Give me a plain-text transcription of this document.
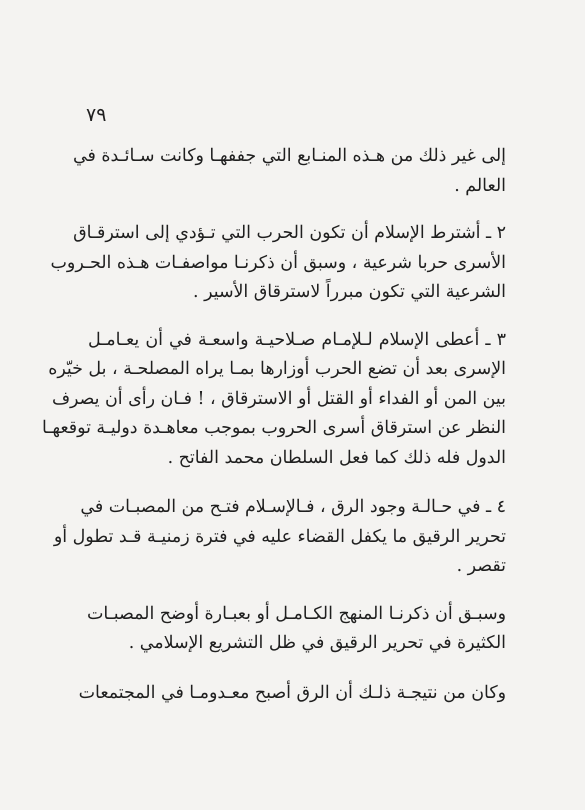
٧٩

إلى غير ذلك من هـذه المنـابع التي جففهـا وكانت سـائـدة في
العالم .

٢ ـ أشترط الإسلام أن تكون الحرب التي تـؤدي إلى استرقـاق
الأسرى حربا شرعية ، وسبق أن ذكرنـا مواصفـات هـذه الحـروب
الشرعية التي تكون مبرراً لاسترقاق الأسير .

٣ ـ أعطى الإسلام لـلإمـام صـلاحيـة واسعـة في أن يعـامـل
الإسرى بعد أن تضع الحرب أوزارها بمـا يراه المصلحـة ، بل خيّره
بين المن أو الفداء أو القتل أو الاسترقاق ، ! فـان رأى أن يصرف
النظر عن استرقاق أسرى الحروب بموجب معاهـدة دوليـة توقعهـا
الدول فله ذلك كما فعل السلطان محمد الفاتح .

٤ ـ في حـالـة وجود الرق ، فـالإسـلام فتـح من المصبـات في
تحرير الرقيق ما يكفل القضاء عليه في فترة زمنيـة قـد تطول أو
تقصر .

وسبـق أن ذكرنـا المنهج الكـامـل أو بعبـارة أوضح المصبـات
الكثيرة في تحرير الرقيق في ظل التشريع الإسلامي .

وكان من نتيجـة ذلـك أن الرق أصبح معـدومـا في المجتمعات
